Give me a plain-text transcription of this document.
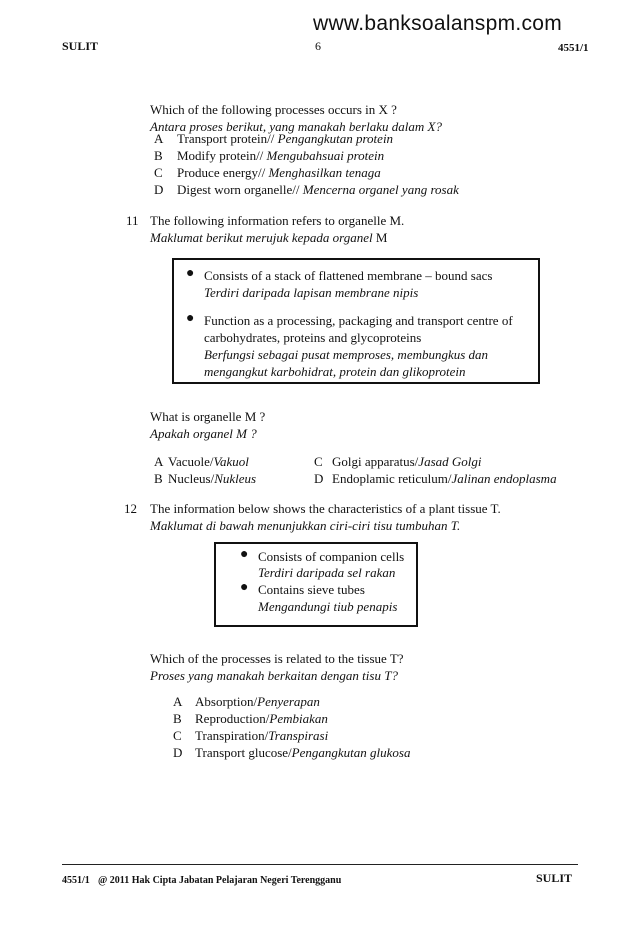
SULIT	6	4551/1
www.banksoalanspm.com
Which of the following processes occurs in X ?
Antara proses berikut, yang manakah berlaku dalam X?
A Transport protein// Pengangkutan protein
B Modify protein// Mengubahsuai protein
C Produce energy// Menghasilkan tenaga
D Digest worn organelle// Mencerna organel yang rosak
11 The following information refers to organelle M.
Maklumat berikut merujuk kepada organel M
● Consists of a stack of flattened membrane – bound sacs
Terdiri daripada lapisan membrane nipis
● Function as a processing, packaging and transport centre of
carbohydrates, proteins and glycoproteins
Berfungsi sebagai pusat memproses, membungkus dan
mengangkut karbohidrat, protein dan glikoprotein
What is organelle M ?
Apakah organel M ?
A Vacuole/Vakuol
B Nucleus/Nukleus
C Golgi apparatus/Jasad Golgi
D Endoplamic reticulum/Jalinan endoplasma
12 The information below shows the characteristics of a plant tissue T.
Maklumat di bawah menunjukkan ciri-ciri tisu tumbuhan T.
● Consists of companion cells
Terdiri daripada sel rakan
● Contains sieve tubes
Mengandungi tiub penapis
Which of the processes is related to the tissue T?
Proses yang manakah berkaitan dengan tisu T?
A Absorption/Penyerapan
B Reproduction/Pembiakan
C Transpiration/Transpirasi
D Transport glucose/Pengangkutan glukosa
4551/1 @ 2011 Hak Cipta Jabatan Pelajaran Negeri Terengganu	SULIT
